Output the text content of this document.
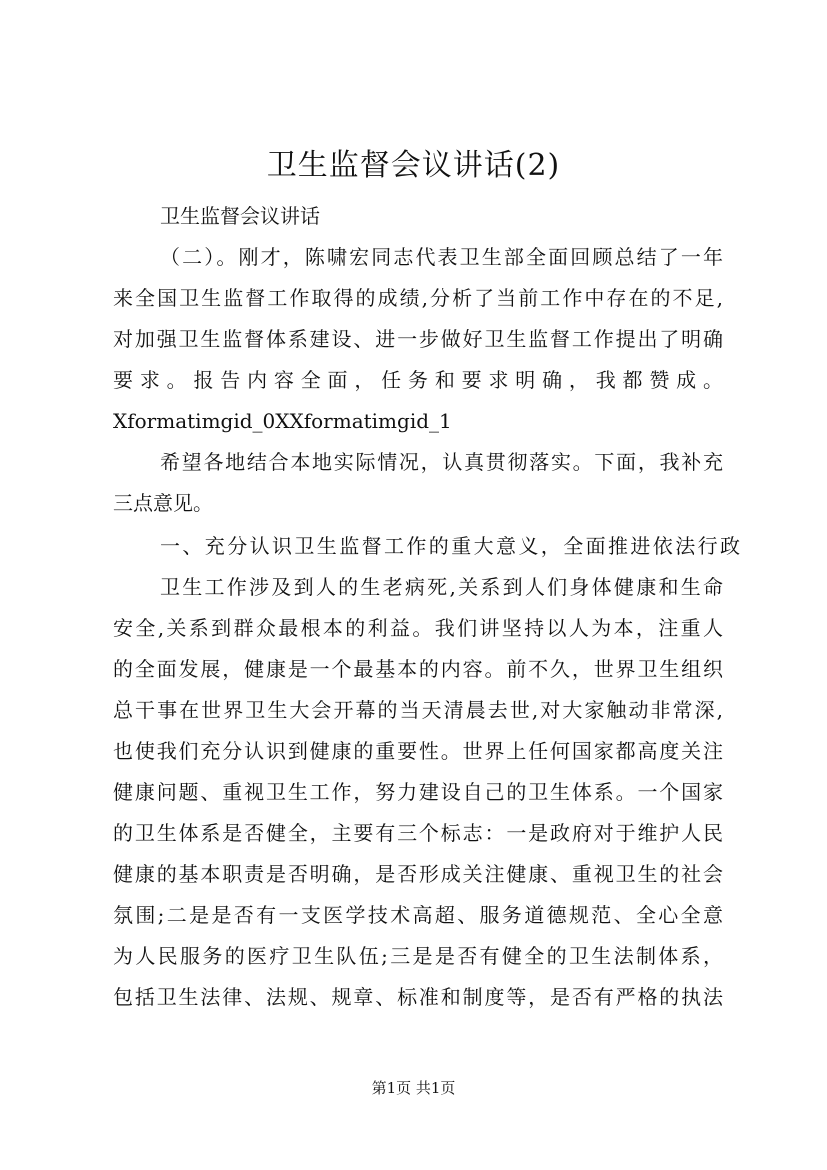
卫生监督会议讲话(2)
卫生监督会议讲话
（二）。刚才，陈啸宏同志代表卫生部全面回顾总结了一年
来全国卫生监督工作取得的成绩,分析了当前工作中存在的不足,
对加强卫生监督体系建设、进一步做好卫生监督工作提出了明确
要求。报告内容全面，任务和要求明确，我都赞成。
Xformatimgid_0XXformatimgid_1
希望各地结合本地实际情况，认真贯彻落实。下面，我补充
三点意见。
一、充分认识卫生监督工作的重大意义，全面推进依法行政
卫生工作涉及到人的生老病死,关系到人们身体健康和生命
安全,关系到群众最根本的利益。我们讲坚持以人为本，注重人
的全面发展，健康是一个最基本的内容。前不久，世界卫生组织
总干事在世界卫生大会开幕的当天清晨去世,对大家触动非常深,
也使我们充分认识到健康的重要性。世界上任何国家都高度关注
健康问题、重视卫生工作，努力建设自己的卫生体系。一个国家
的卫生体系是否健全，主要有三个标志：一是政府对于维护人民
健康的基本职责是否明确，是否形成关注健康、重视卫生的社会
氛围;二是是否有一支医学技术高超、服务道德规范、全心全意
为人民服务的医疗卫生队伍;三是是否有健全的卫生法制体系，
包括卫生法律、法规、规章、标准和制度等，是否有严格的执法
第1页 共1页
